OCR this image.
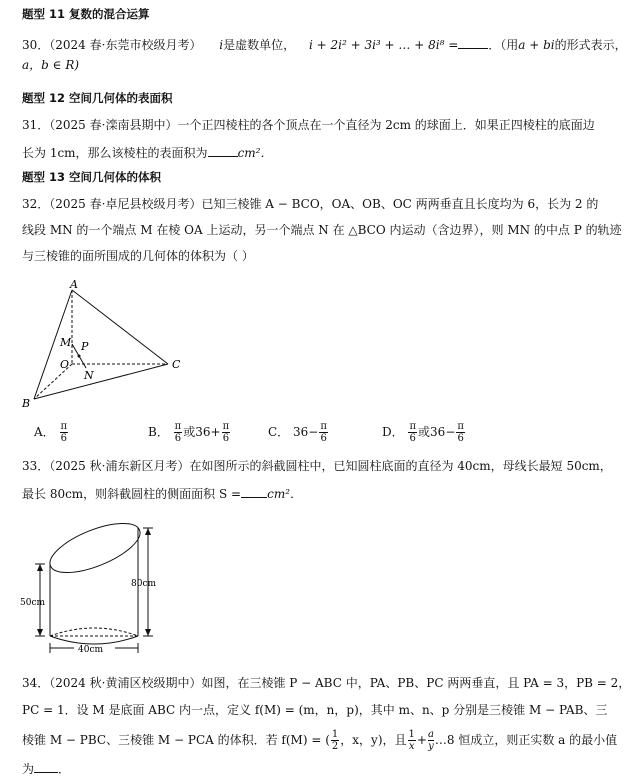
题型 11 复数的混合运算
30．（2024 春·东莞市校级月考） i是虚数单位， i + 2i² + 3i³ + … + 8i⁸ =	．（用a + bi的形式表示，
a，b ∈ R)
题型 12 空间几何体的表面积
31．（2025 春·滦南县期中）一个正四棱柱的各个顶点在一个直径为 2cm 的球面上．如果正四棱柱的底面边
长为 1cm，那么该棱柱的表面积为	cm²．
题型 13 空间几何体的体积
32．（2025 春·卓尼县校级月考）已知三棱锥 A − BCO，OA、OB、OC 两两垂直且长度均为 6，长为 2 的
线段 MN 的一个端点 M 在棱 OA 上运动，另一个端点 N 在 △BCO 内运动（含边界），则 MN 的中点 P 的轨迹
与三棱锥的面所围成的几何体的体积为（ ）
A
B
C
O
M P
N
A． $\frac{\pi}{6}$	B． $\frac{\pi}{6}$ 或$36+ \frac{\pi}{6}$	C． $36- \frac{\pi}{6}$	D． $\frac{\pi}{6}$ 或$36- \frac{\pi}{6}$
33．（2025 秋·浦东新区月考）在如图所示的斜截圆柱中，已知圆柱底面的直径为 40cm，母线长最短 50cm，
最长 80cm，则斜截圆柱的侧面面积 S = cm²．
50cm
80cm
40cm
34．（2024 秋·黄浦区校级期中）如图，在三棱锥 P − ABC 中，PA、PB、PC 两两垂直，且 PA = 3，PB = 2，
PC = 1．设 M 是底面 ABC 内一点，定义 f(M) = (m，n，p)，其中 m、n、p 分别是三棱锥 M − PAB、三
棱锥 M − PBC、三棱锥 M − PCA 的体积．若 f(M) = ( $\frac{1}{2}$ ，x，y)，且 $\frac{1}{x}+$ $\frac{a}{y}\dots 8$ 恒成立，则正实数 a 的最小值
为 ．
